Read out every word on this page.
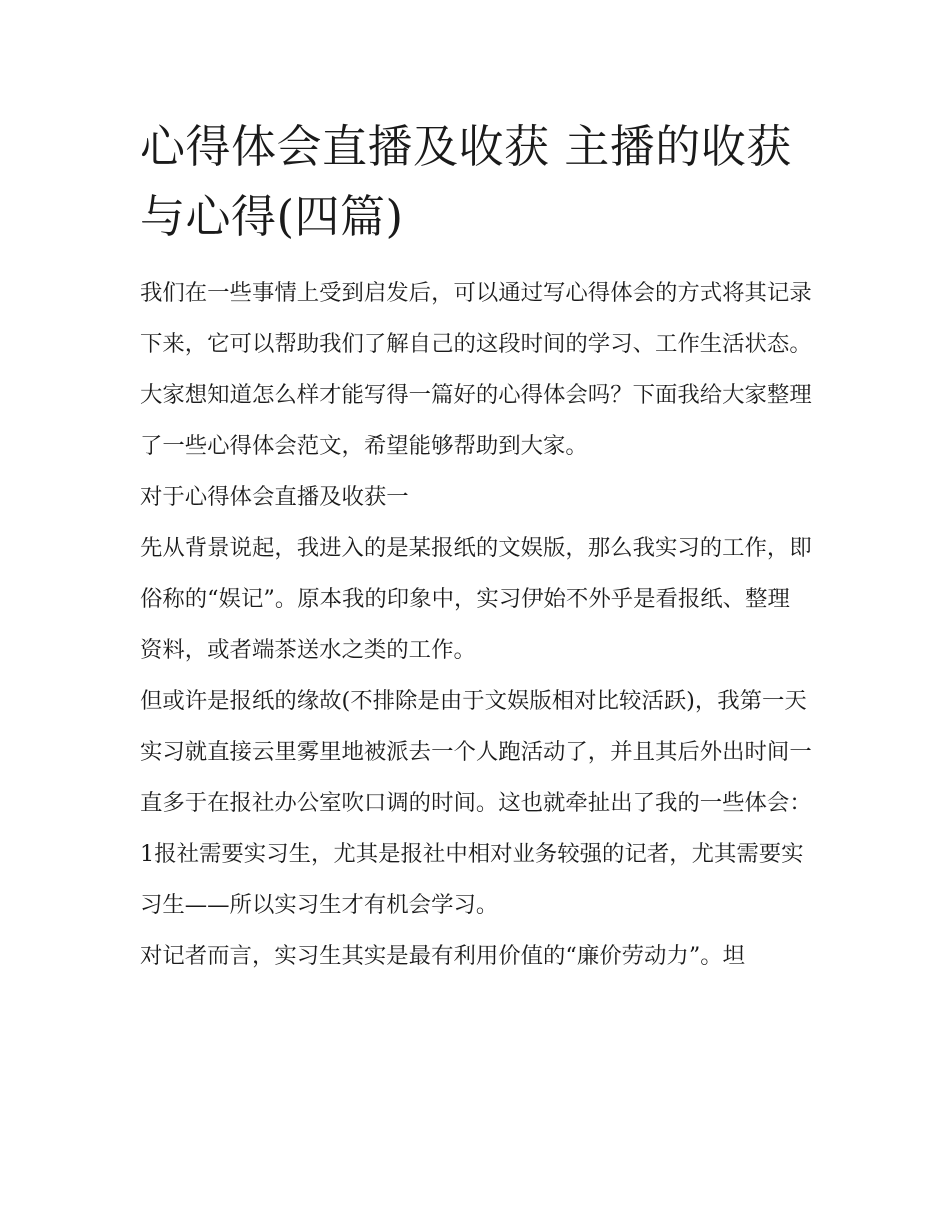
心得体会直播及收获 主播的收获与心得(四篇)

我们在一些事情上受到启发后，可以通过写心得体会的方式将其记录下来，它可以帮助我们了解自己的这段时间的学习、工作生活状态。大家想知道怎么样才能写得一篇好的心得体会吗？下面我给大家整理了一些心得体会范文，希望能够帮助到大家。

对于心得体会直播及收获一

先从背景说起，我进入的是某报纸的文娱版，那么我实习的工作，即俗称的“娱记”。原本我的印象中，实习伊始不外乎是看报纸、整理资料，或者端茶送水之类的工作。

但或许是报纸的缘故(不排除是由于文娱版相对比较活跃)，我第一天实习就直接云里雾里地被派去一个人跑活动了，并且其后外出时间一直多于在报社办公室吹口调的时间。这也就牵扯出了我的一些体会：

1报社需要实习生，尤其是报社中相对业务较强的记者，尤其需要实习生——所以实习生才有机会学习。

对记者而言，实习生其实是最有利用价值的“廉价劳动力”。坦
